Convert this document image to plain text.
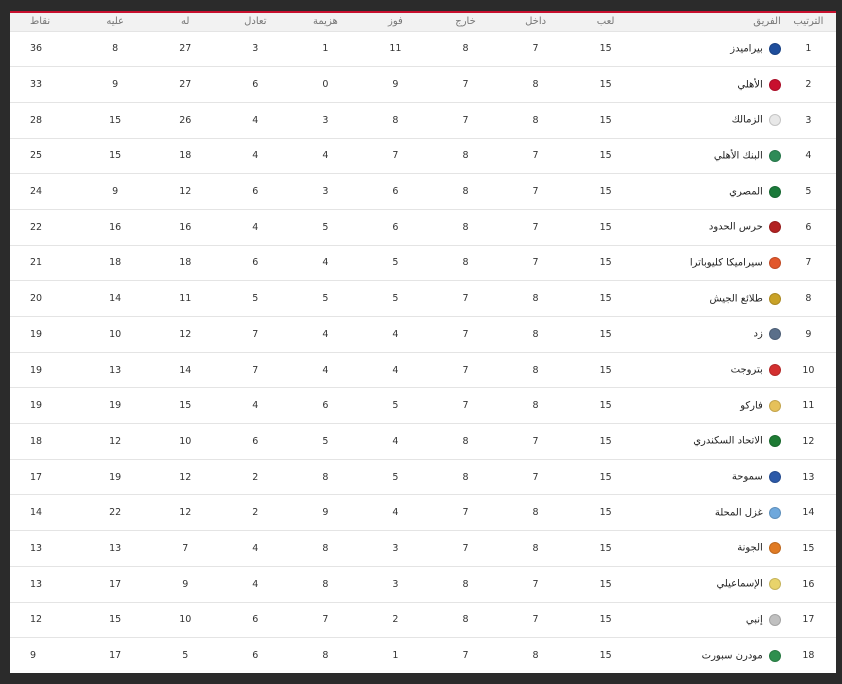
الترتيب	الفريق	لعب	داخل	خارج	فوز	هزيمة	تعادل	له	عليه	نقاط
1	بيراميدز	15	7	8	11	1	3	27	8	36
2	الأهلي	15	8	7	9	0	6	27	9	33
3	الزمالك	15	8	7	8	3	4	26	15	28
4	البنك الأهلي	15	7	8	7	4	4	18	15	25
5	المصري	15	7	8	6	3	6	12	9	24
6	حرس الحدود	15	7	8	6	5	4	16	16	22
7	سيراميكا كليوباترا	15	7	8	5	4	6	18	18	21
8	طلائع الجيش	15	8	7	5	5	5	11	14	20
9	زد	15	8	7	4	4	7	12	10	19
10	بتروجت	15	8	7	4	4	7	14	13	19
11	فاركو	15	8	7	5	6	4	15	19	19
12	الاتحاد السكندري	15	7	8	4	5	6	10	12	18
13	سموحة	15	7	8	5	8	2	12	19	17
14	غزل المحلة	15	8	7	4	9	2	12	22	14
15	الجونة	15	8	7	3	8	4	7	13	13
16	الإسماعيلي	15	7	8	3	8	4	9	17	13
17	إنبي	15	7	8	2	7	6	10	15	12
18	مودرن سبورت	15	8	7	1	8	6	5	17	9
